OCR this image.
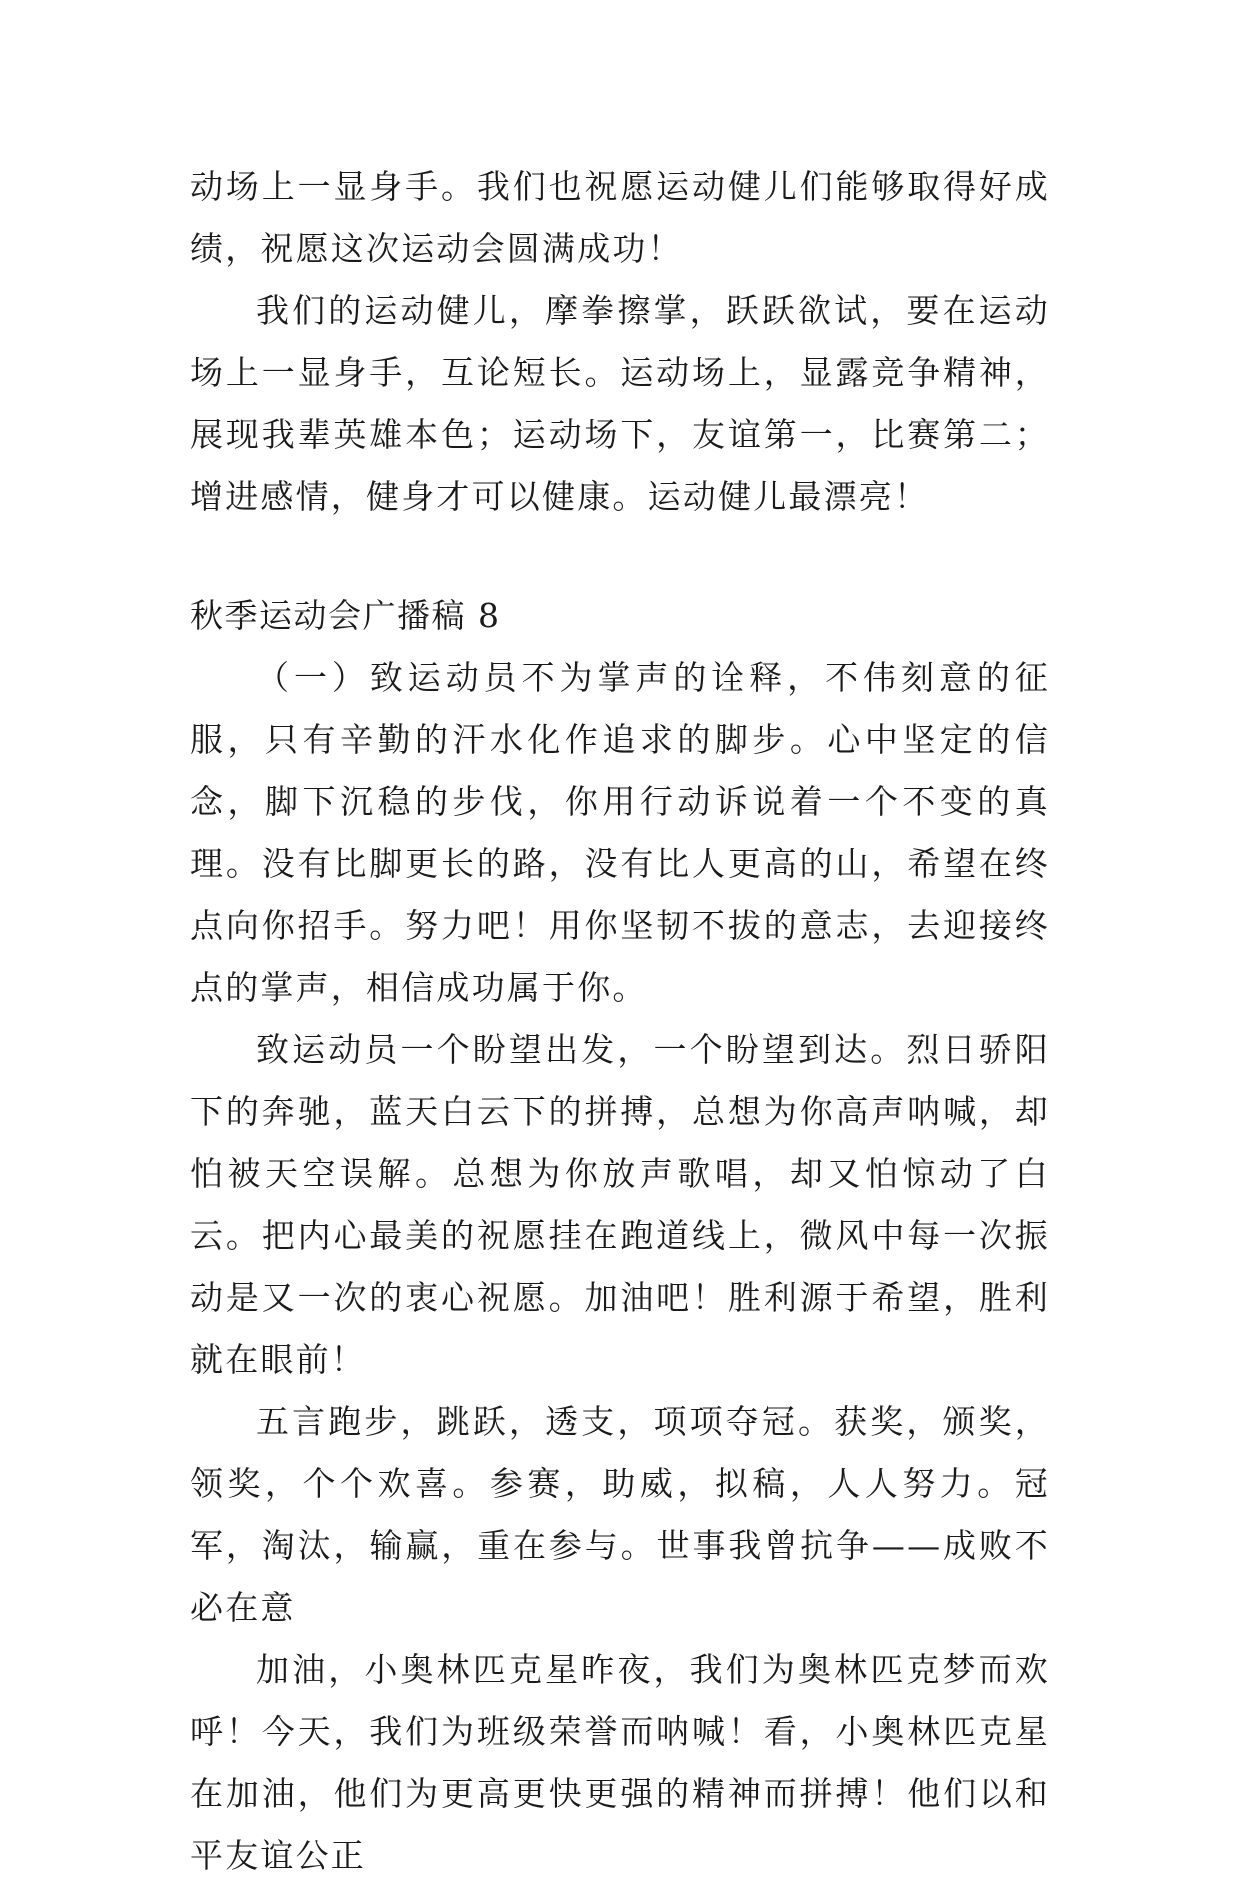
动场上一显身手。我们也祝愿运动健儿们能够取得好成绩，祝愿这次运动会圆满成功！

我们的运动健儿，摩拳擦掌，跃跃欲试，要在运动场上一显身手，互论短长。运动场上，显露竞争精神，展现我辈英雄本色；运动场下，友谊第一，比赛第二；增进感情，健身才可以健康。运动健儿最漂亮！

秋季运动会广播稿 8

（一）致运动员不为掌声的诠释，不伟刻意的征服，只有辛勤的汗水化作追求的脚步。心中坚定的信念，脚下沉稳的步伐，你用行动诉说着一个不变的真理。没有比脚更长的路，没有比人更高的山，希望在终点向你招手。努力吧！用你坚韧不拔的意志，去迎接终点的掌声，相信成功属于你。

致运动员一个盼望出发，一个盼望到达。烈日骄阳下的奔驰，蓝天白云下的拼搏，总想为你高声呐喊，却怕被天空误解。总想为你放声歌唱，却又怕惊动了白云。把内心最美的祝愿挂在跑道线上，微风中每一次振动是又一次的衷心祝愿。加油吧！胜利源于希望，胜利就在眼前！

五言跑步，跳跃，透支，项项夺冠。获奖，颁奖，领奖，个个欢喜。参赛，助威，拟稿，人人努力。冠军，淘汰，输赢，重在参与。世事我曾抗争——成败不必在意

加油，小奥林匹克星昨夜，我们为奥林匹克梦而欢呼！今天，我们为班级荣誉而呐喊！看，小奥林匹克星在加油，他们为更高更快更强的精神而拼搏！他们以和平友谊公正
